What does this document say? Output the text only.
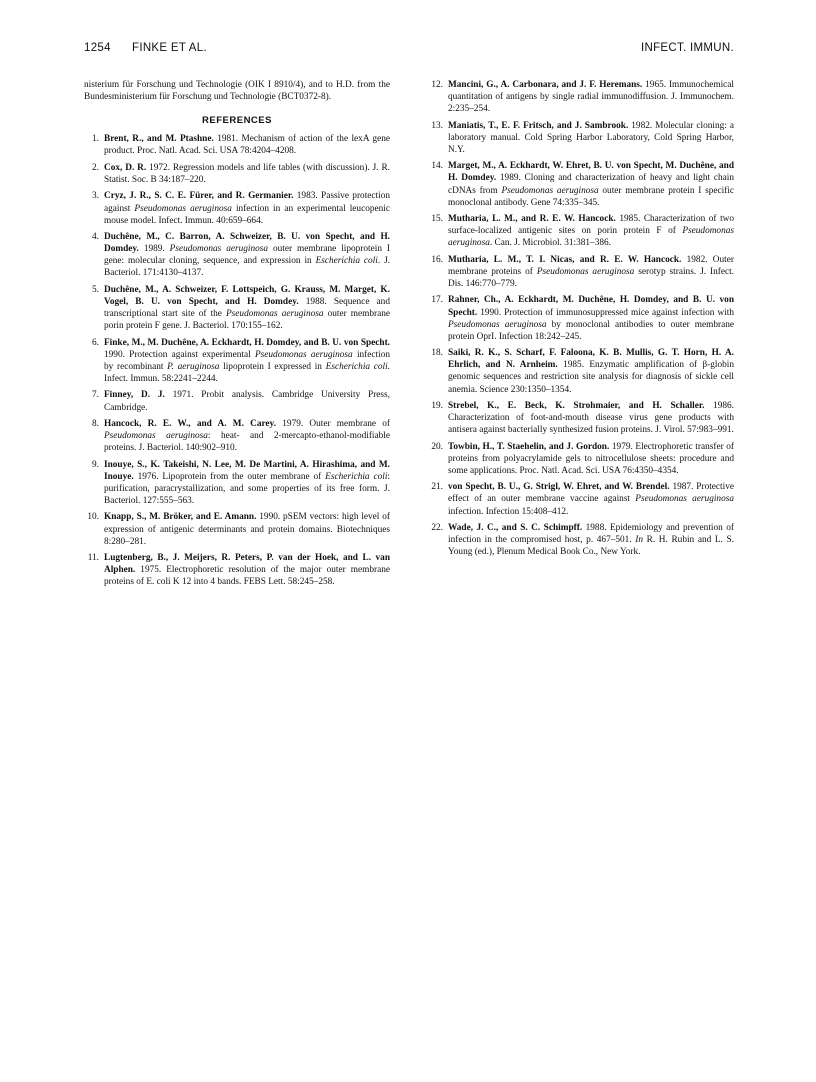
1254 FINKE ET AL.	INFECT. IMMUN.

nisterium für Forschung und Technologie (OIK I 8910/4), and to H.D. from the Bundesministerium für Forschung und Technologie (BCT0372-8).

REFERENCES
1. Brent, R., and M. Ptashne. 1981. Mechanism of action of the lexA gene product. Proc. Natl. Acad. Sci. USA 78:4204–4208.
2. Cox, D. R. 1972. Regression models and life tables (with discussion). J. R. Statist. Soc. B 34:187–220.
3. Cryz, J. R., S. C. E. Fürer, and R. Germanier. 1983. Passive protection against Pseudomonas aeruginosa infection in an experimental leucopenic mouse model. Infect. Immun. 40:659–664.
4. Duchêne, M., C. Barron, A. Schweizer, B. U. von Specht, and H. Domdey. 1989. Pseudomonas aeruginosa outer membrane lipoprotein I gene: molecular cloning, sequence, and expression in Escherichia coli. J. Bacteriol. 171:4130–4137.
5. Duchêne, M., A. Schweizer, F. Lottspeich, G. Krauss, M. Marget, K. Vogel, B. U. von Specht, and H. Domdey. 1988. Sequence and transcriptional start site of the Pseudomonas aeruginosa outer membrane porin protein F gene. J. Bacteriol. 170:155–162.
6. Finke, M., M. Duchêne, A. Eckhardt, H. Domdey, and B. U. von Specht. 1990. Protection against experimental Pseudomonas aeruginosa infection by recombinant P. aeruginosa lipoprotein I expressed in Escherichia coli. Infect. Immun. 58:2241–2244.
7. Finney, D. J. 1971. Probit analysis. Cambridge University Press, Cambridge.
8. Hancock, R. E. W., and A. M. Carey. 1979. Outer membrane of Pseudomonas aeruginosa: heat- and 2-mercapto-ethanol-modifiable proteins. J. Bacteriol. 140:902–910.
9. Inouye, S., K. Takeishi, N. Lee, M. De Martini, A. Hirashima, and M. Inouye. 1976. Lipoprotein from the outer membrane of Escherichia coli: purification, paracrystallization, and some properties of its free form. J. Bacteriol. 127:555–563.
10. Knapp, S., M. Bröker, and E. Amann. 1990. pSEM vectors: high level of expression of antigenic determinants and protein domains. Biotechniques 8:280–281.
11. Lugtenberg, B., J. Meijers, R. Peters, P. van der Hoek, and L. van Alphen. 1975. Electrophoretic resolution of the major outer membrane proteins of E. coli K 12 into 4 bands. FEBS Lett. 58:245–258.
12. Mancini, G., A. Carbonara, and J. F. Heremans. 1965. Immunochemical quantitation of antigens by single radial immunodiffusion. J. Immunochem. 2:235–254.
13. Maniatis, T., E. F. Fritsch, and J. Sambrook. 1982. Molecular cloning: a laboratory manual. Cold Spring Harbor Laboratory, Cold Spring Harbor, N.Y.
14. Marget, M., A. Eckhardt, W. Ehret, B. U. von Specht, M. Duchêne, and H. Domdey. 1989. Cloning and characterization of heavy and light chain cDNAs from Pseudomonas aeruginosa outer membrane protein I specific monoclonal antibody. Gene 74:335–345.
15. Mutharia, L. M., and R. E. W. Hancock. 1985. Characterization of two surface-localized antigenic sites on porin protein F of Pseudomonas aeruginosa. Can. J. Microbiol. 31:381–386.
16. Mutharia, L. M., T. I. Nicas, and R. E. W. Hancock. 1982. Outer membrane proteins of Pseudomonas aeruginosa serotyp strains. J. Infect. Dis. 146:770–779.
17. Rahner, Ch., A. Eckhardt, M. Duchêne, H. Domdey, and B. U. von Specht. 1990. Protection of immunosuppressed mice against infection with Pseudomonas aeruginosa by monoclonal antibodies to outer membrane protein OprI. Infection 18:242–245.
18. Saiki, R. K., S. Scharf, F. Faloona, K. B. Mullis, G. T. Horn, H. A. Ehrlich, and N. Arnheim. 1985. Enzymatic amplification of β-globin genomic sequences and restriction site analysis for diagnosis of sickle cell anemia. Science 230:1350–1354.
19. Strebel, K., E. Beck, K. Strohmaier, and H. Schaller. 1986. Characterization of foot-and-mouth disease virus gene products with antisera against bacterially synthesized fusion proteins. J. Virol. 57:983–991.
20. Towbin, H., T. Staehelin, and J. Gordon. 1979. Electrophoretic transfer of proteins from polyacrylamide gels to nitrocellulose sheets: procedure and some applications. Proc. Natl. Acad. Sci. USA 76:4350–4354.
21. von Specht, B. U., G. Strigl, W. Ehret, and W. Brendel. 1987. Protective effect of an outer membrane vaccine against Pseudomonas aeruginosa infection. Infection 15:408–412.
22. Wade, J. C., and S. C. Schimpff. 1988. Epidemiology and prevention of infection in the compromised host, p. 467–501. In R. H. Rubin and L. S. Young (ed.), Plenum Medical Book Co., New York.
